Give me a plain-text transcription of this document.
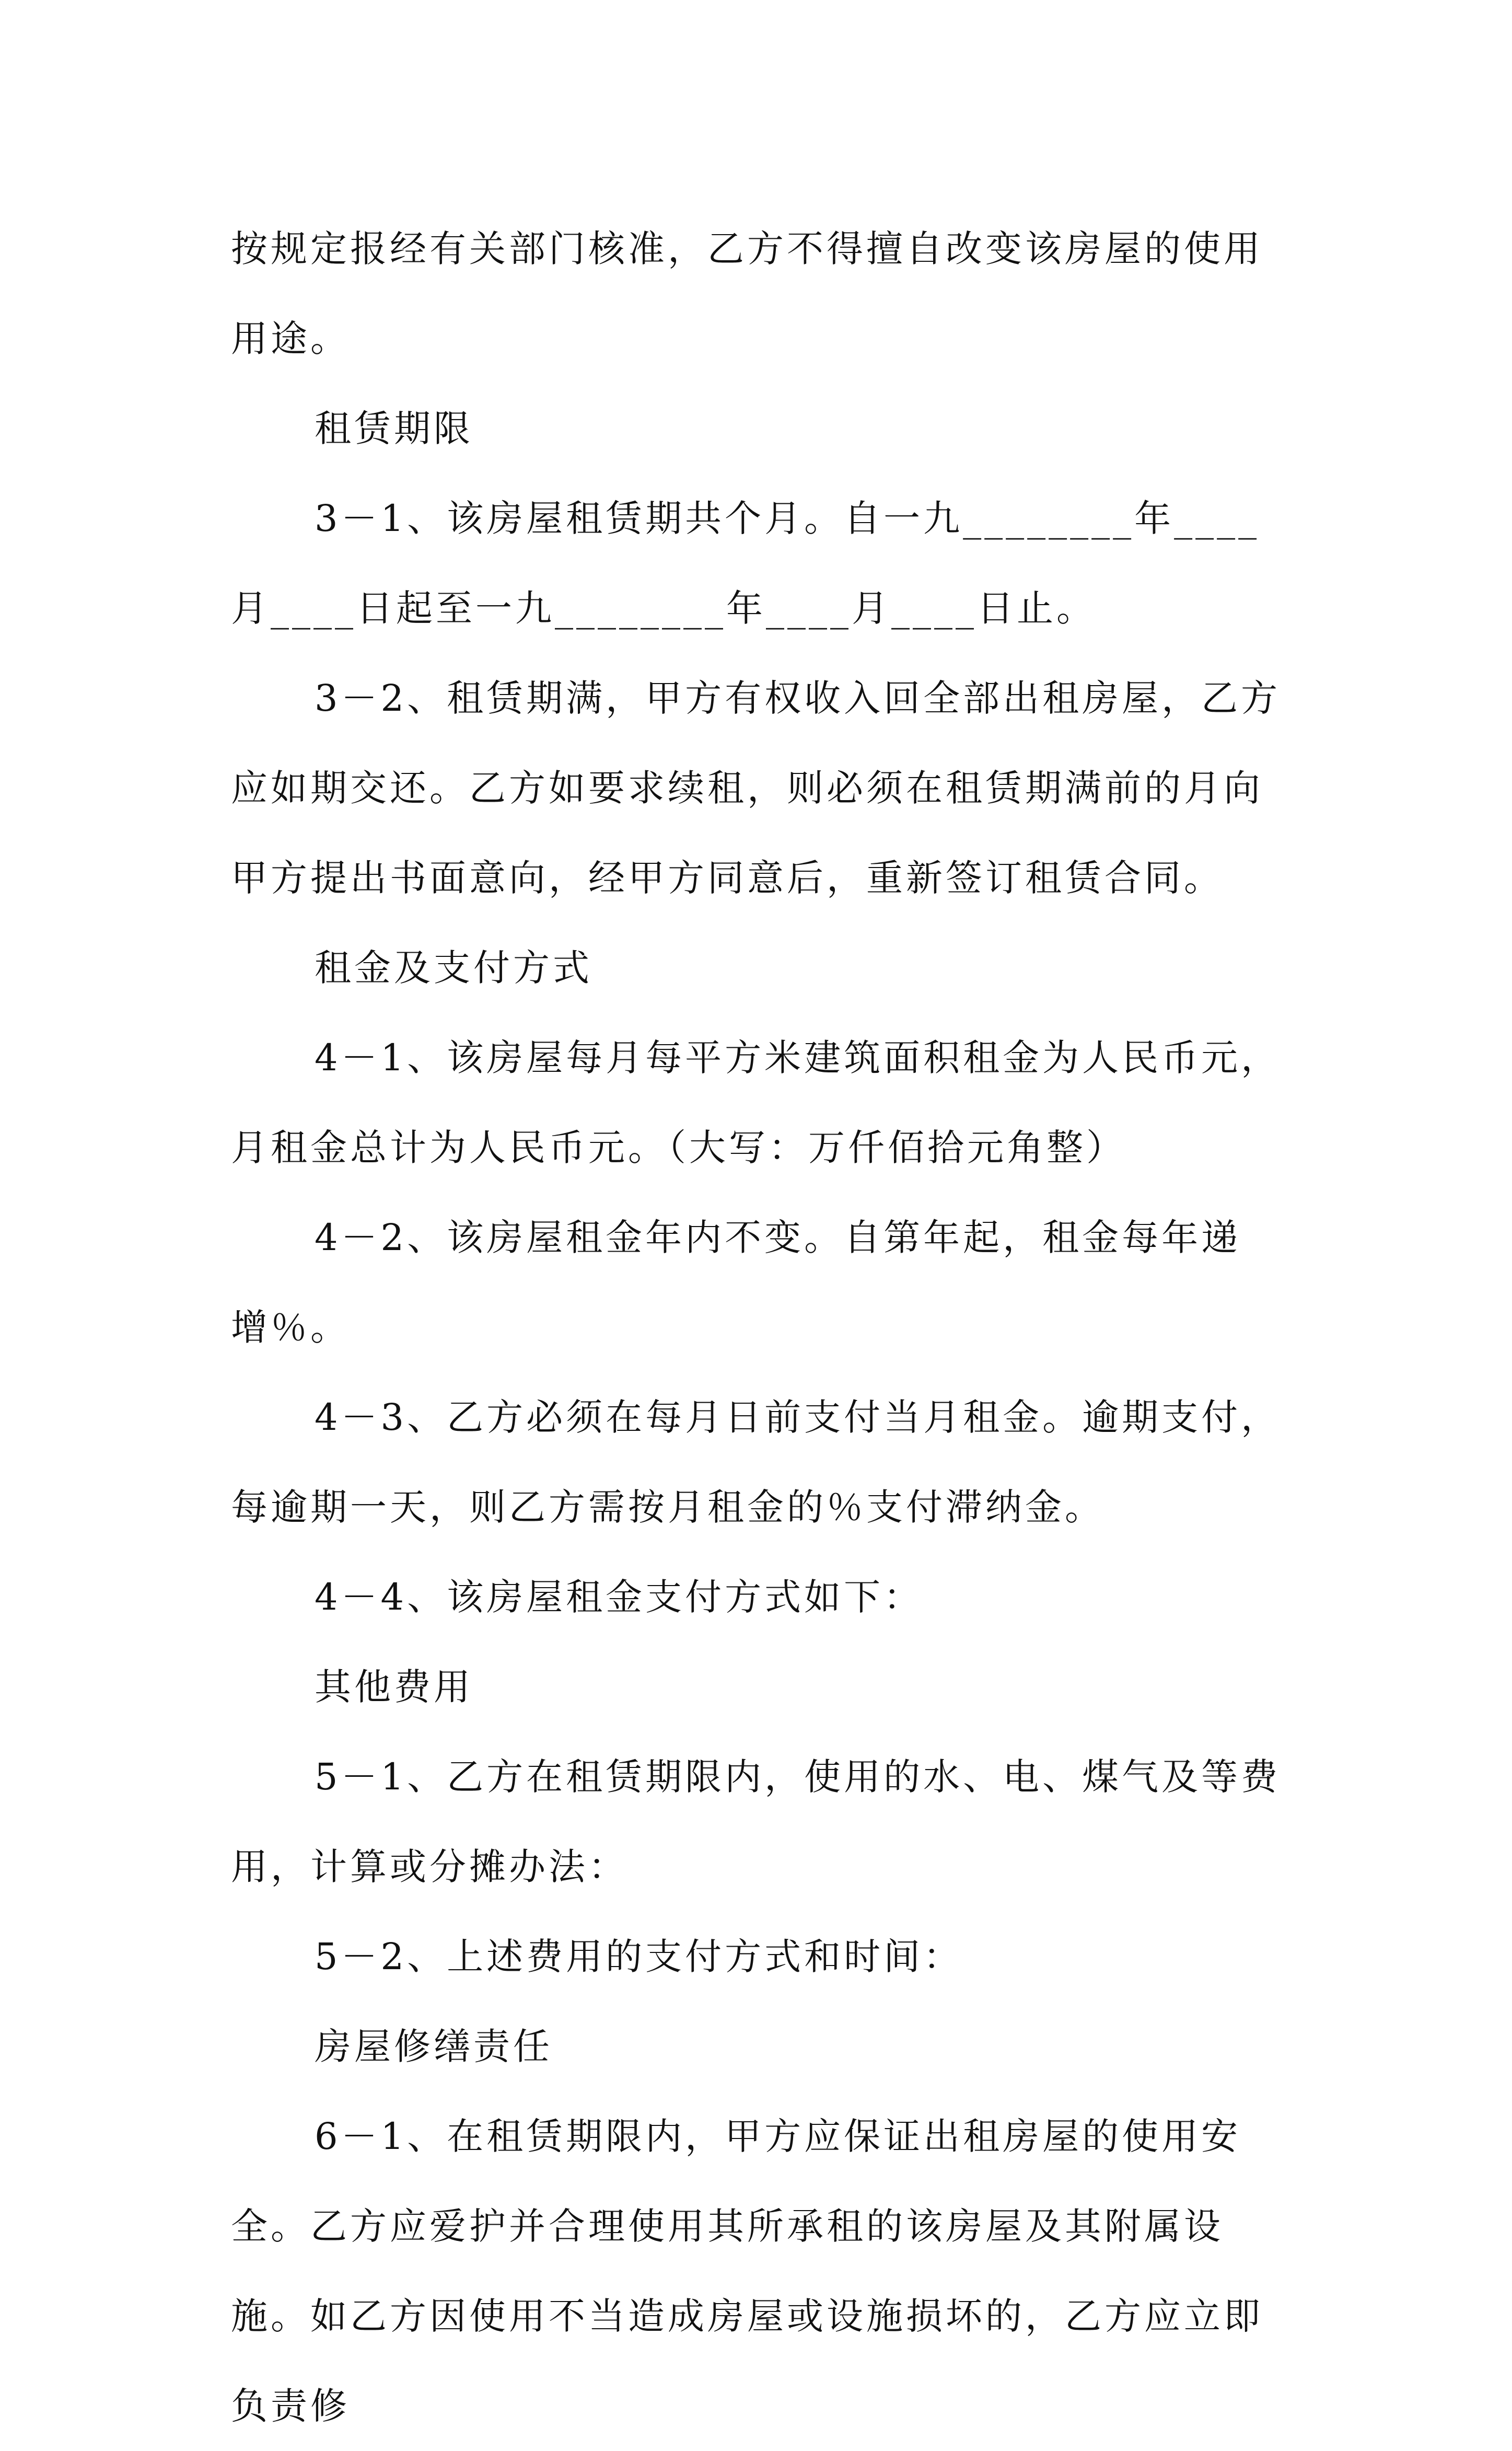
按规定报经有关部门核准，乙方不得擅自改变该房屋的使用用途。

租赁期限

3－1、该房屋租赁期共个月。自一九________年____月____日起至一九________年____月____日止。

3－2、租赁期满，甲方有权收入回全部出租房屋，乙方应如期交还。乙方如要求续租，则必须在租赁期满前的月向甲方提出书面意向，经甲方同意后，重新签订租赁合同。

租金及支付方式

4－1、该房屋每月每平方米建筑面积租金为人民币元，月租金总计为人民币元。（大写：万仟佰拾元角整）

4－2、该房屋租金年内不变。自第年起，租金每年递增％。

4－3、乙方必须在每月日前支付当月租金。逾期支付，每逾期一天，则乙方需按月租金的％支付滞纳金。

4－4、该房屋租金支付方式如下：

其他费用

5－1、乙方在租赁期限内，使用的水、电、煤气及等费用，计算或分摊办法：

5－2、上述费用的支付方式和时间：

房屋修缮责任

6－1、在租赁期限内，甲方应保证出租房屋的使用安全。乙方应爱护并合理使用其所承租的该房屋及其附属设施。如乙方因使用不当造成房屋或设施损坏的，乙方应立即负责修
